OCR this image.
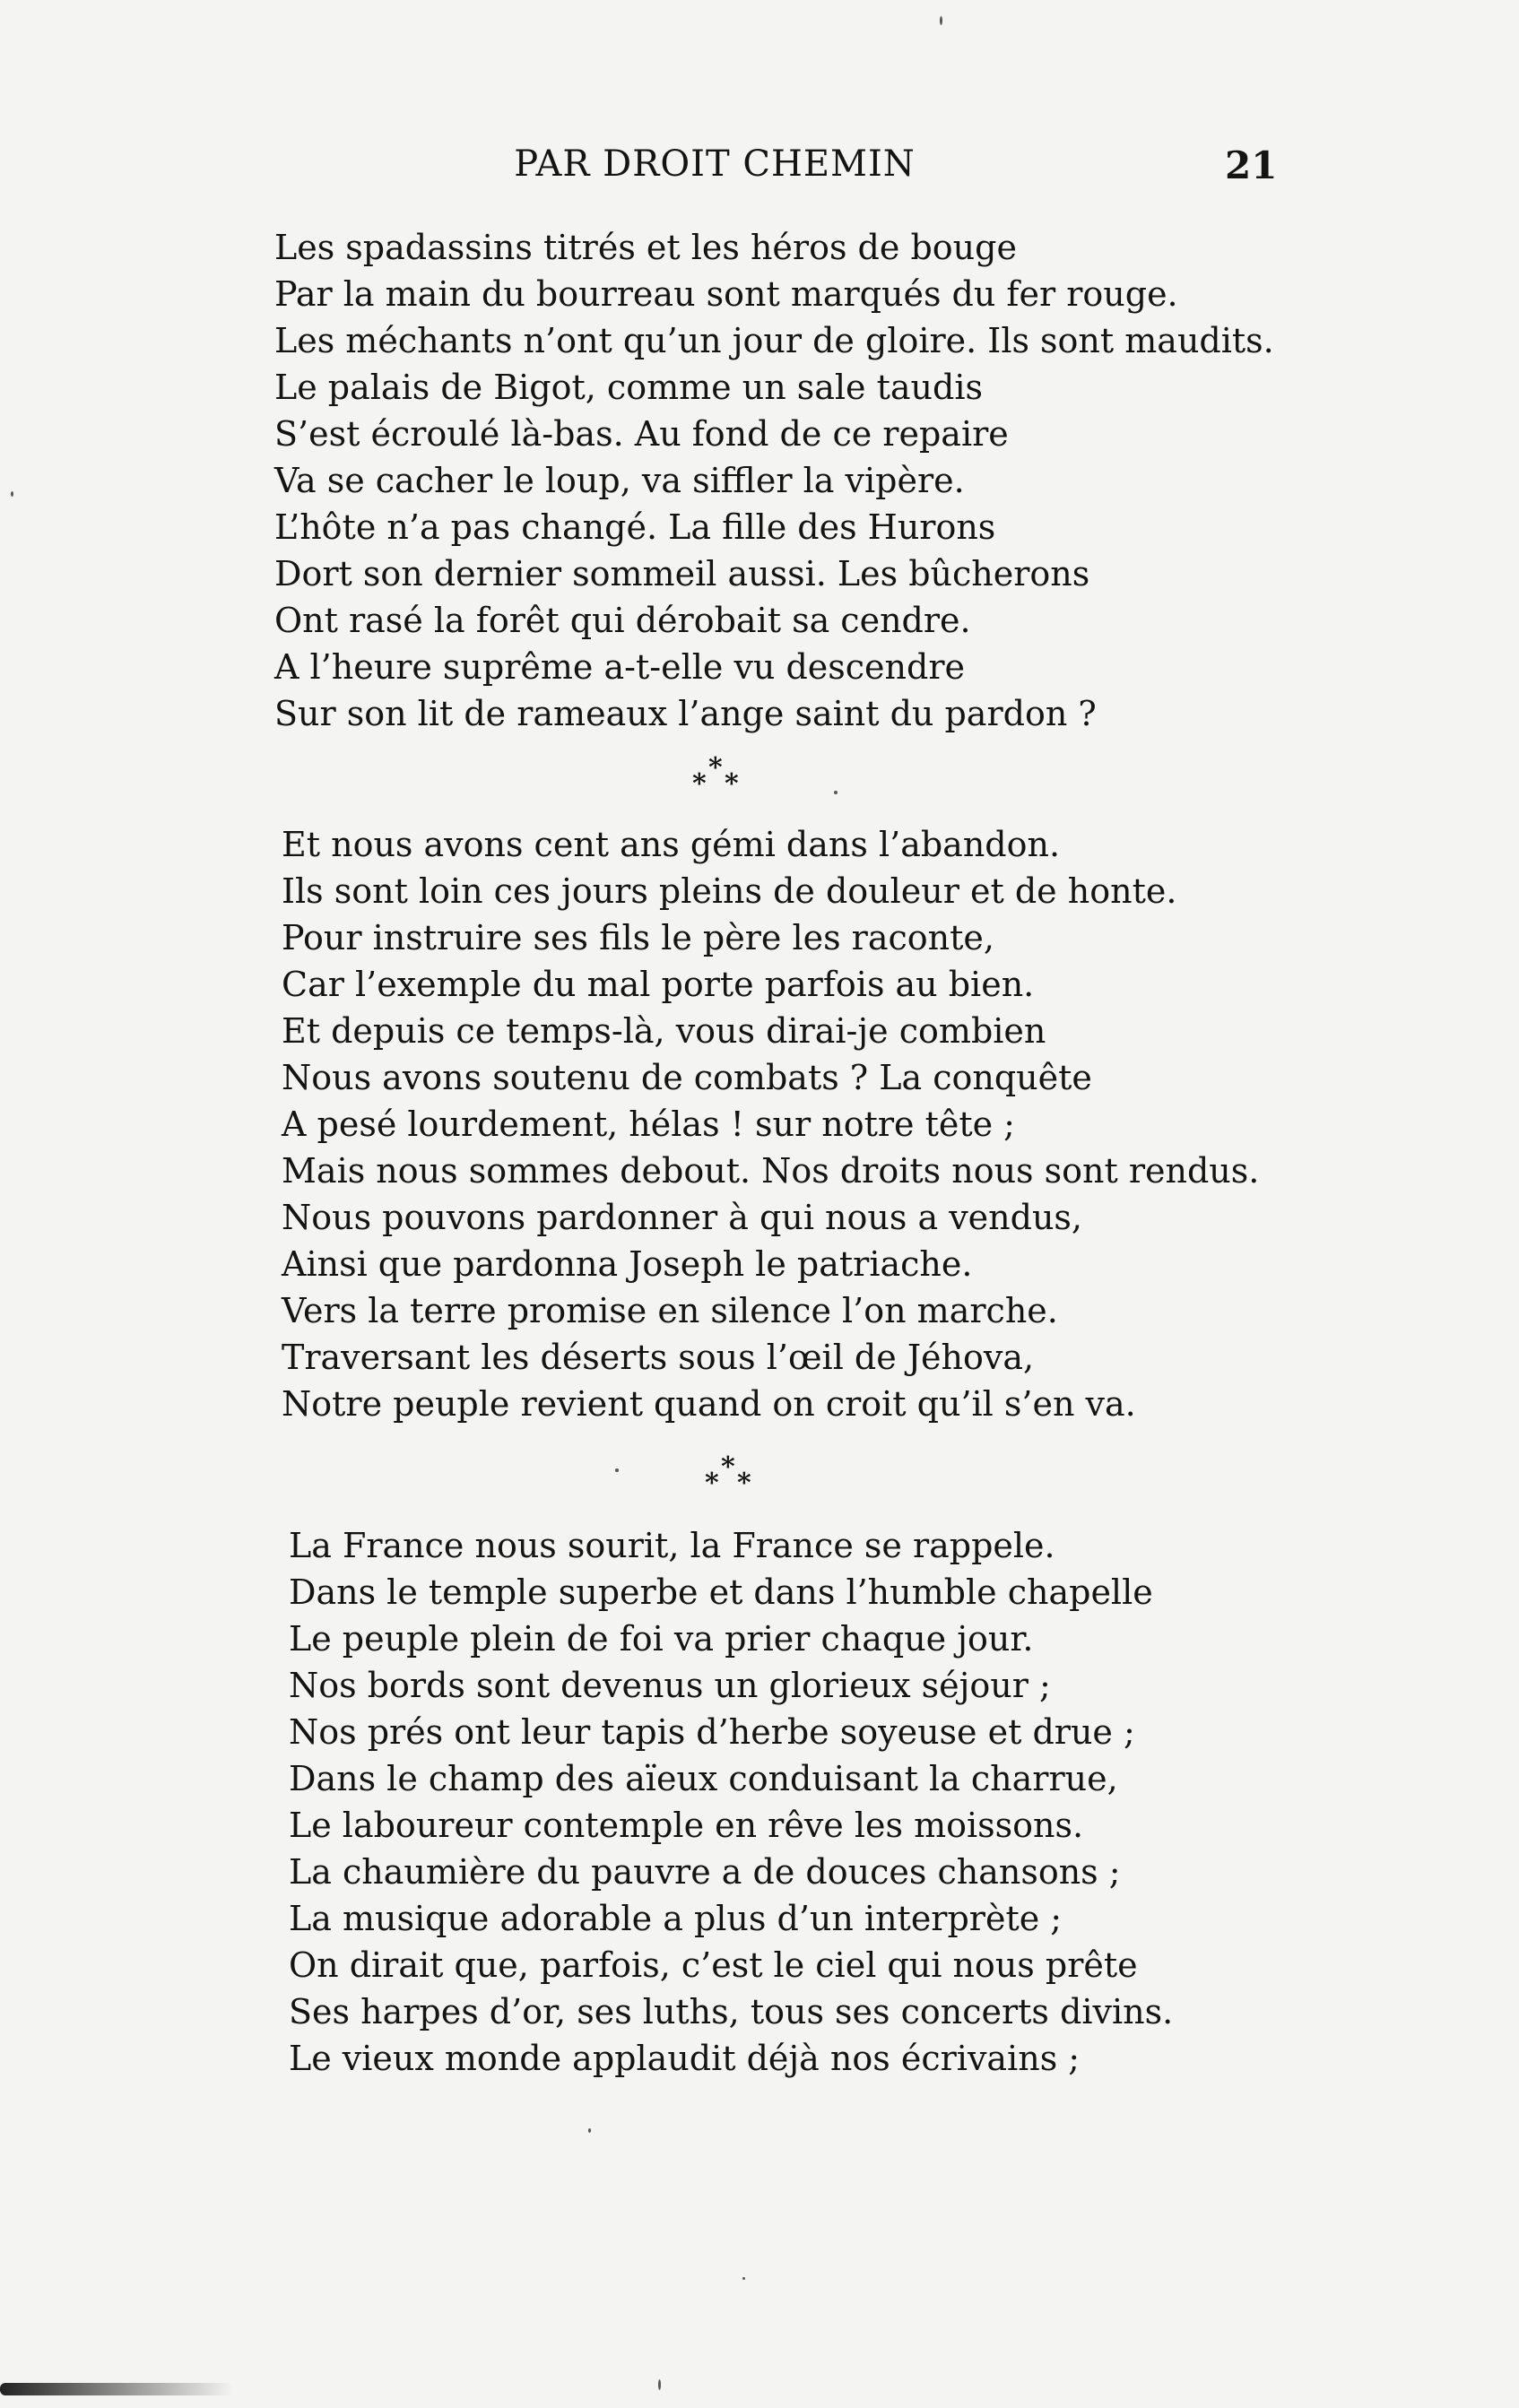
PAR DROIT CHEMIN	21
Les spadassins titrés et les héros de bouge
Par la main du bourreau sont marqués du fer rouge.
Les méchants n’ont qu’un jour de gloire. Ils sont maudits.
Le palais de Bigot, comme un sale taudis
S’est écroulé là-bas. Au fond de ce repaire
Va se cacher le loup, va siffler la vipère.
L’hôte n’a pas changé. La fille des Hurons
Dort son dernier sommeil aussi. Les bûcherons
Ont rasé la forêt qui dérobait sa cendre.
A l’heure suprême a-t-elle vu descendre
Sur son lit de rameaux l’ange saint du pardon ?
*
* *
Et nous avons cent ans gémi dans l’abandon.
Ils sont loin ces jours pleins de douleur et de honte.
Pour instruire ses fils le père les raconte,
Car l’exemple du mal porte parfois au bien.
Et depuis ce temps-là, vous dirai-je combien
Nous avons soutenu de combats ? La conquête
A pesé lourdement, hélas ! sur notre tête ;
Mais nous sommes debout. Nos droits nous sont rendus.
Nous pouvons pardonner à qui nous a vendus,
Ainsi que pardonna Joseph le patriache.
Vers la terre promise en silence l’on marche.
Traversant les déserts sous l’œil de Jéhova,
Notre peuple revient quand on croit qu’il s’en va.
*
* *
La France nous sourit, la France se rappele.
Dans le temple superbe et dans l’humble chapelle
Le peuple plein de foi va prier chaque jour.
Nos bords sont devenus un glorieux séjour ;
Nos prés ont leur tapis d’herbe soyeuse et drue ;
Dans le champ des aïeux conduisant la charrue,
Le laboureur contemple en rêve les moissons.
La chaumière du pauvre a de douces chansons ;
La musique adorable a plus d’un interprète ;
On dirait que, parfois, c’est le ciel qui nous prête
Ses harpes d’or, ses luths, tous ses concerts divins.
Le vieux monde applaudit déjà nos écrivains ;
